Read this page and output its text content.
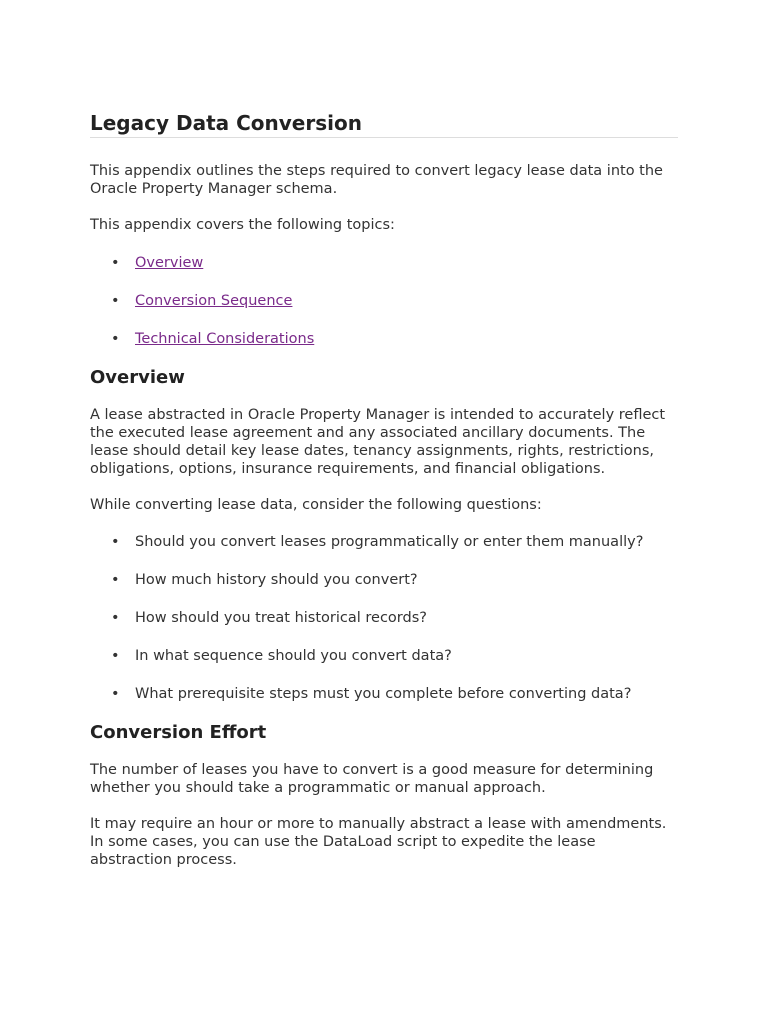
Legacy Data Conversion

This appendix outlines the steps required to convert legacy lease data into the Oracle Property Manager schema.

This appendix covers the following topics:

• Overview
• Conversion Sequence
• Technical Considerations
Overview

A lease abstracted in Oracle Property Manager is intended to accurately reflect the executed lease agreement and any associated ancillary documents. The lease should detail key lease dates, tenancy assignments, rights, restrictions, obligations, options, insurance requirements, and financial obligations.

While converting lease data, consider the following questions:

• Should you convert leases programmatically or enter them manually?
• How much history should you convert?
• How should you treat historical records?
• In what sequence should you convert data?
• What prerequisite steps must you complete before converting data?
Conversion Effort

The number of leases you have to convert is a good measure for determining whether you should take a programmatic or manual approach.

It may require an hour or more to manually abstract a lease with amendments. In some cases, you can use the DataLoad script to expedite the lease abstraction process.
